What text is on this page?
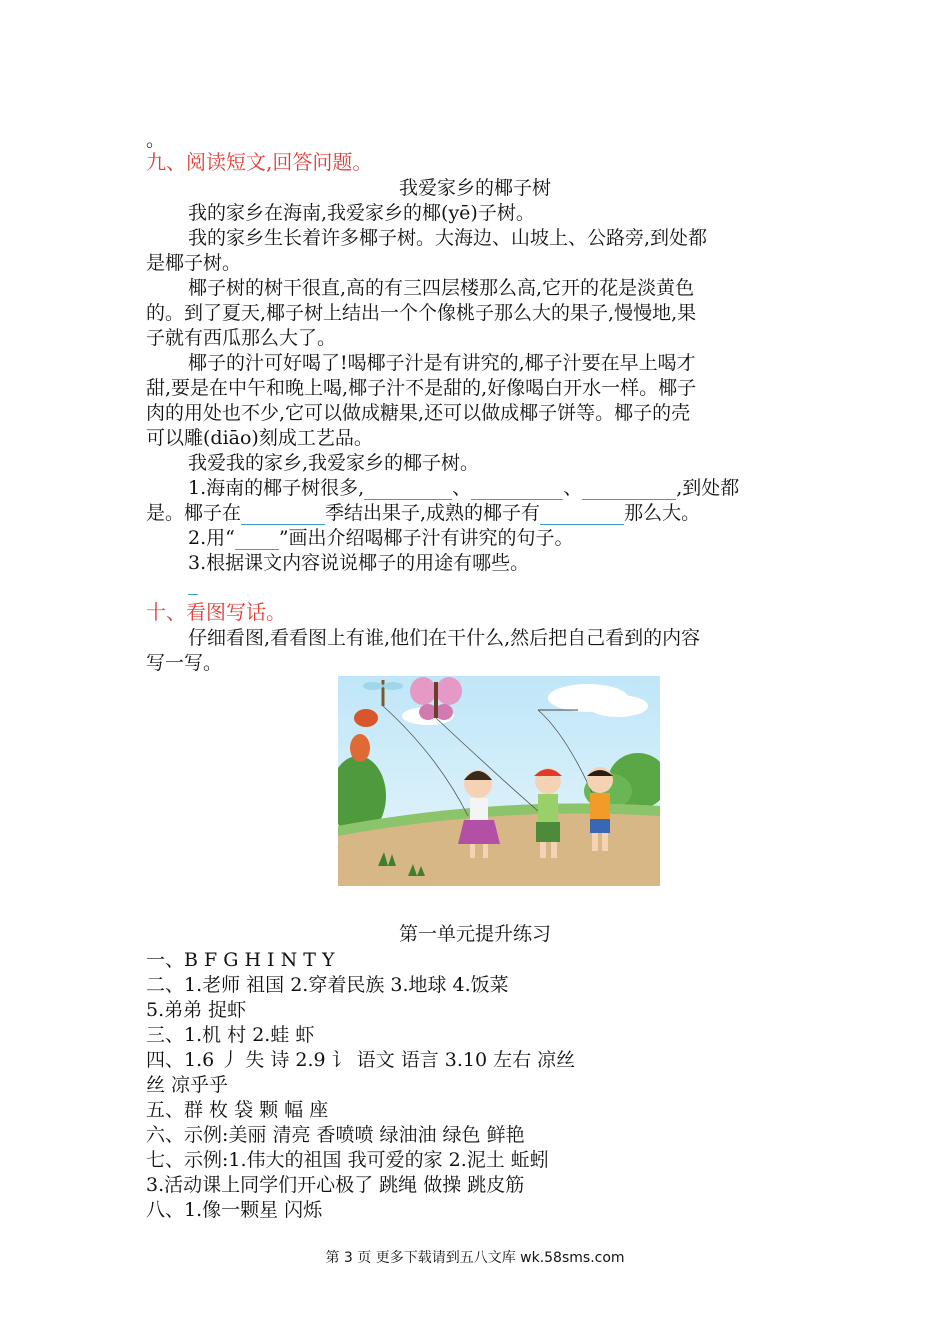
。
九、阅读短文,回答问题。
我爱家乡的椰子树
我的家乡在海南,我爱家乡的椰(yē)子树。
我的家乡生长着许多椰子树。大海边、山坡上、公路旁,到处都
是椰子树。
椰子树的树干很直,高的有三四层楼那么高,它开的花是淡黄色
的。到了夏天,椰子树上结出一个个像桃子那么大的果子,慢慢地,果
子就有西瓜那么大了。
椰子的汁可好喝了!喝椰子汁是有讲究的,椰子汁要在早上喝才
甜,要是在中午和晚上喝,椰子汁不是甜的,好像喝白开水一样。椰子
肉的用处也不少,它可以做成糖果,还可以做成椰子饼等。椰子的壳
可以雕(diāo)刻成工艺品。
我爱我的家乡,我爱家乡的椰子树。
1.海南的椰子树很多,	、	、	,到处都
是。椰子在	季结出果子,成熟的椰子有	那么大。
2.用“ ”画出介绍喝椰子汁有讲究的句子。
3.根据课文内容说说椰子的用途有哪些。
十、看图写话。
仔细看图,看看图上有谁,他们在干什么,然后把自己看到的内容
写一写。
第一单元提升练习
一、B F G H I N T Y
二、1.老师 祖国 2.穿着民族 3.地球 4.饭菜
5.弟弟 捉虾
三、1.机 村 2.蛙 虾
四、1.6 丿 失 诗 2.9 讠 语文 语言 3.10 左右 凉丝
丝 凉乎乎
五、群 枚 袋 颗 幅 座
六、示例:美丽 清亮 香喷喷 绿油油 绿色 鲜艳
七、示例:1.伟大的祖国 我可爱的家 2.泥土 蚯蚓
3.活动课上同学们开心极了 跳绳 做操 跳皮筋
八、1.像一颗星 闪烁
第 3 页 更多下载请到五八文库 wk.58sms.com
